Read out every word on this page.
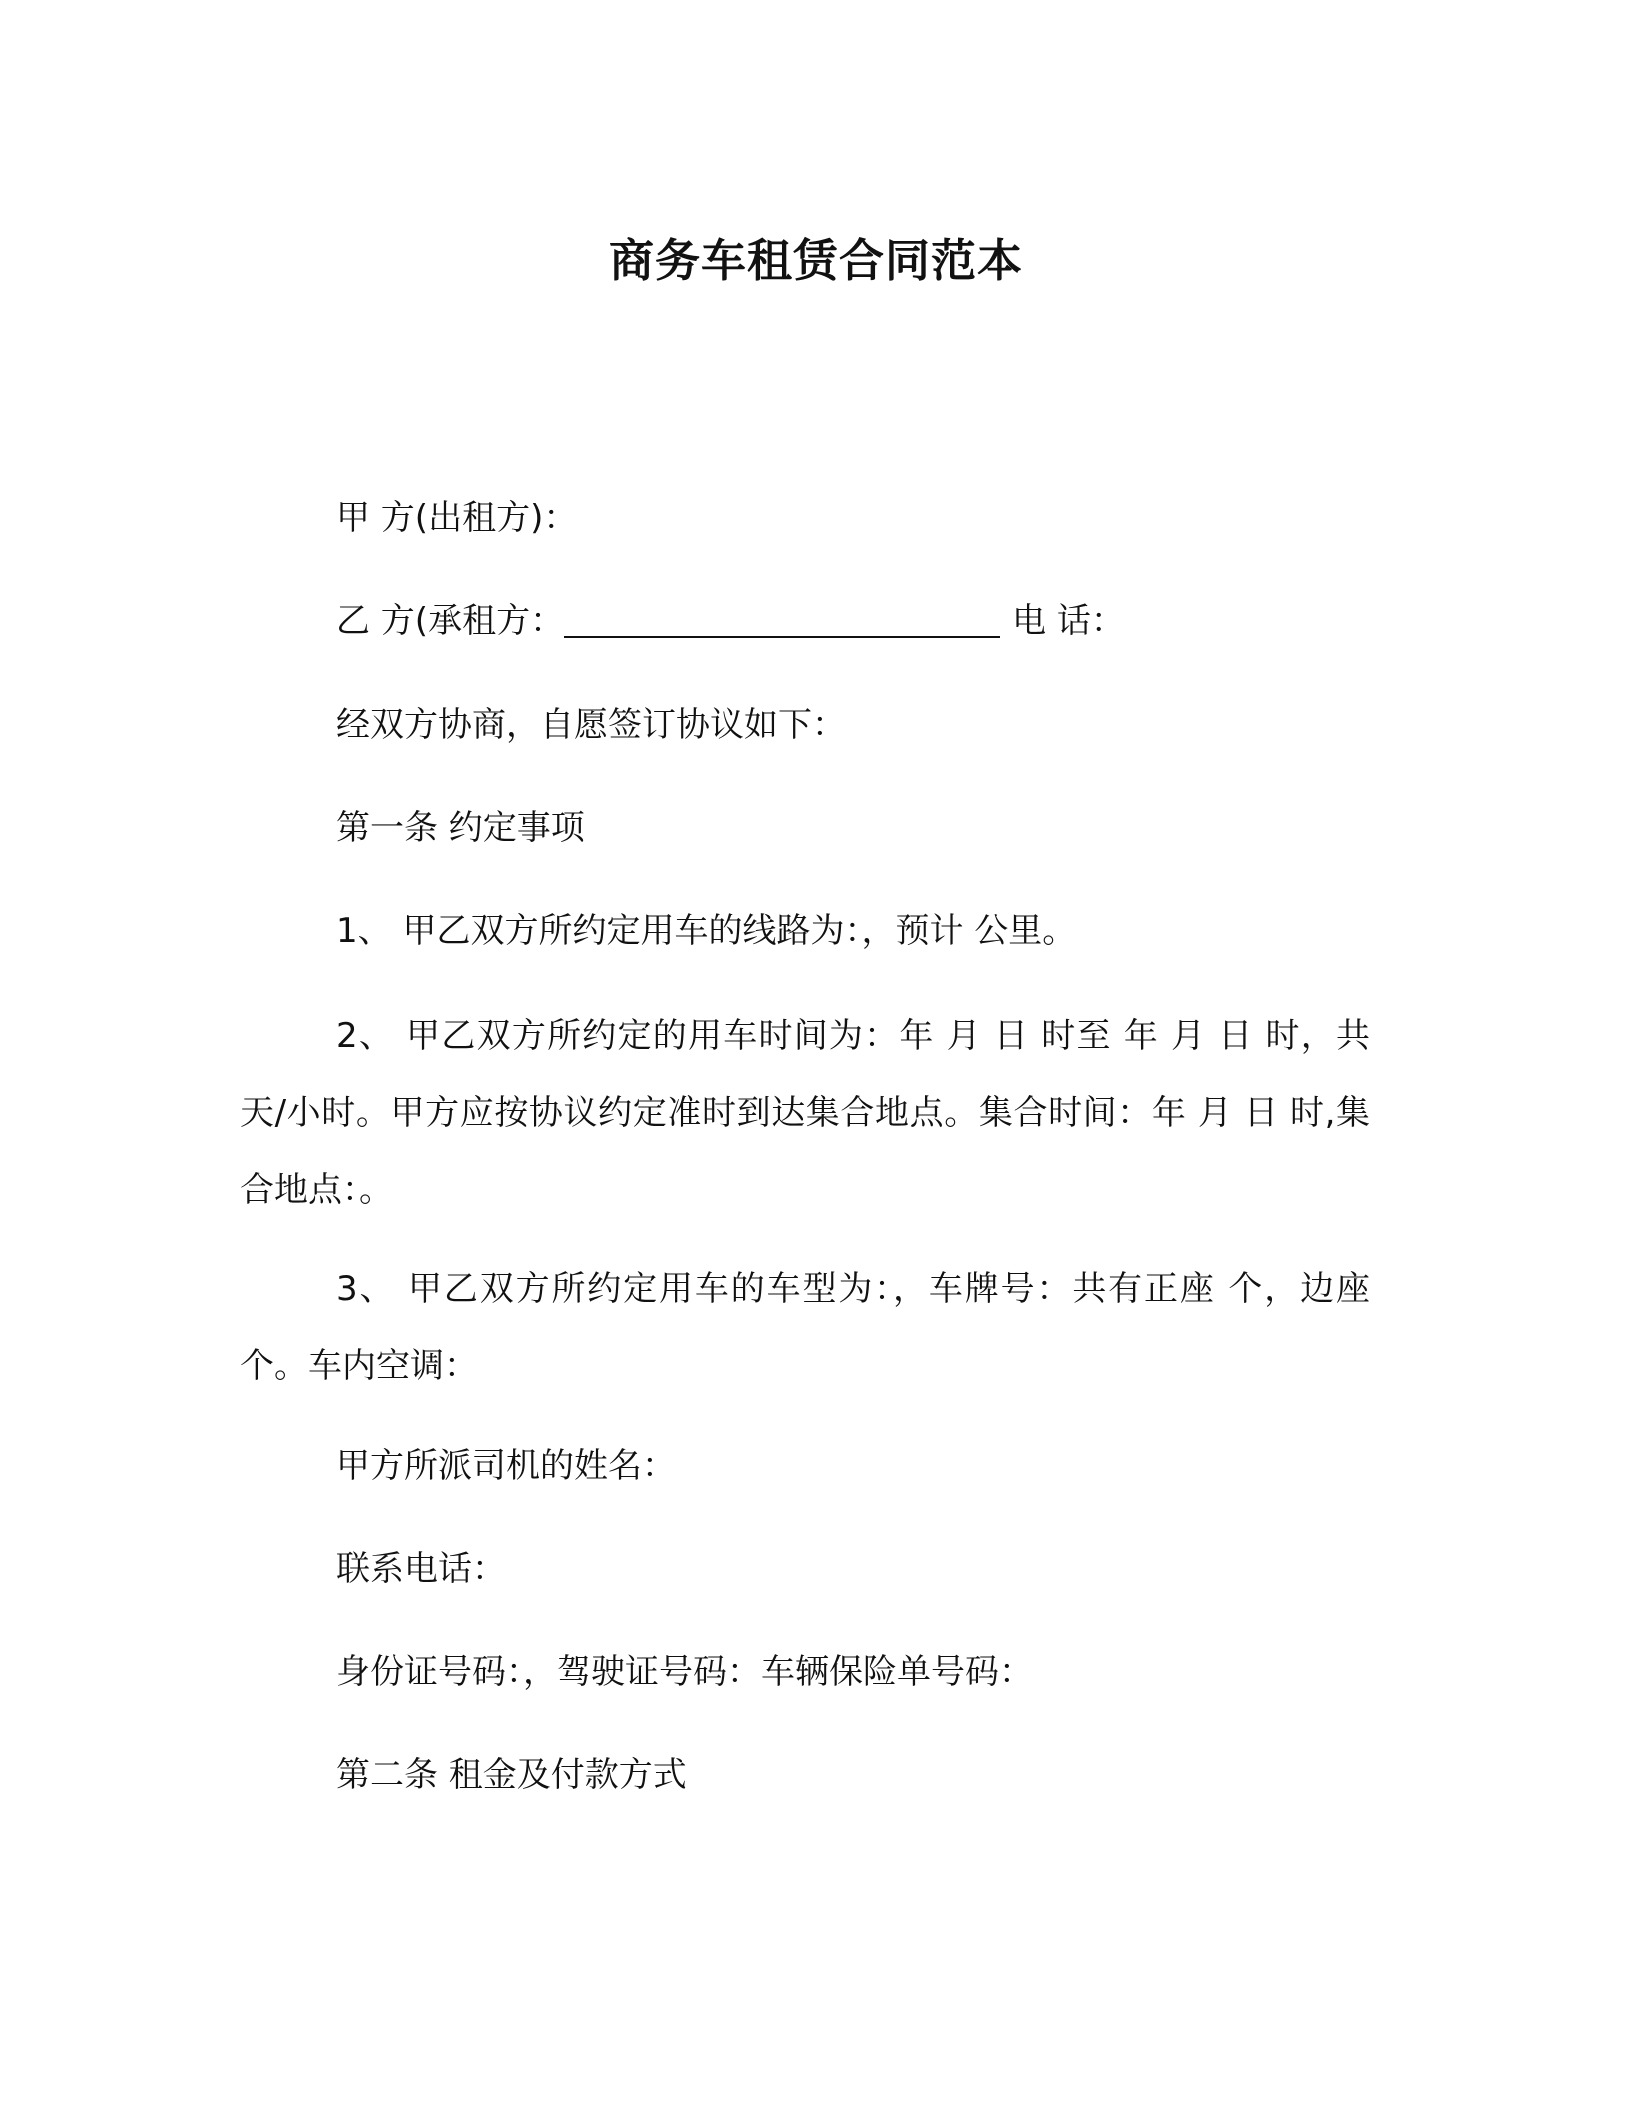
商务车租赁合同范本

甲 方(出租方)：

乙 方(承租方：	电 话：

经双方协商，自愿签订协议如下：

第一条 约定事项

1、 甲乙双方所约定用车的线路为：，预计 公里。

2、 甲乙双方所约定的用车时间为：年 月 日 时至 年 月 日 时，共 天/小时。甲方应按协议约定准时到达集合地点。集合时间：年 月 日 时,集合地点：。

3、 甲乙双方所约定用车的车型为：，车牌号：共有正座 个，边座 个。车内空调：

甲方所派司机的姓名：

联系电话：

身份证号码：，驾驶证号码：车辆保险单号码：

第二条 租金及付款方式
